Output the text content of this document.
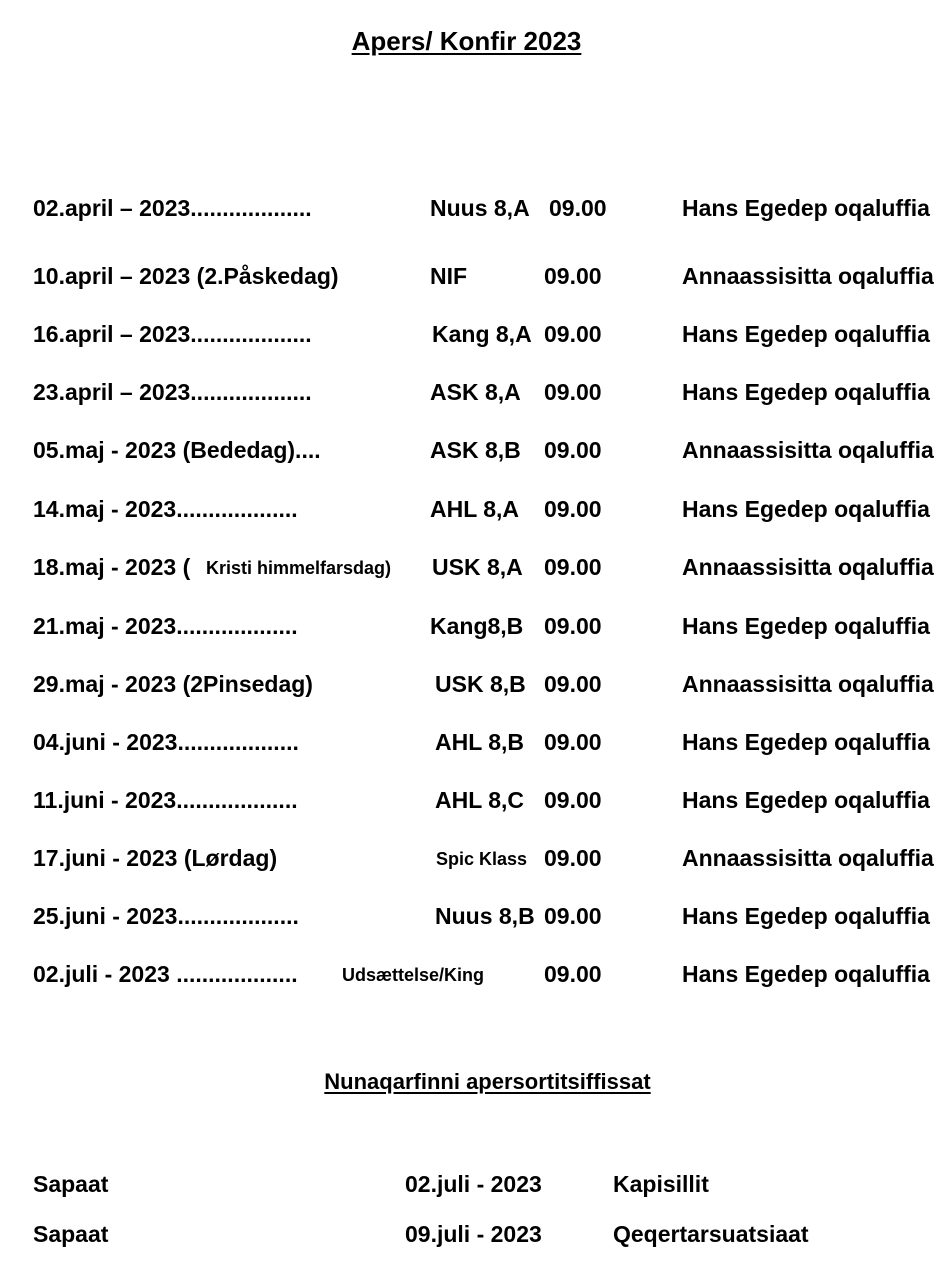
Apers/ Konfir 2023
02.april – 2023...................	Nuus 8,A 09.00	Hans Egedep oqaluffia
10.april – 2023 (2.Påskedag)	NIF	09.00	Annaassisitta oqaluffia
16.april – 2023...................	Kang 8,A 09.00	Hans Egedep oqaluffia
23.april – 2023...................	ASK 8,A 09.00	Hans Egedep oqaluffia
05.maj - 2023 (Bededag)....	ASK 8,B 09.00	Annaassisitta oqaluffia
14.maj - 2023...................	AHL 8,A 09.00	Hans Egedep oqaluffia
18.maj - 2023 ( Kristi himmelfarsdag) USK 8,A 09.00	Annaassisitta oqaluffia
21.maj - 2023...................	Kang8,B 09.00	Hans Egedep oqaluffia
29.maj - 2023 (2Pinsedag)	USK 8,B 09.00	Annaassisitta oqaluffia
04.juni - 2023...................	AHL 8,B 09.00	Hans Egedep oqaluffia
11.juni - 2023...................	AHL 8,C 09.00	Hans Egedep oqaluffia
17.juni - 2023 (Lørdag)	Spic Klass 09.00	Annaassisitta oqaluffia
25.juni - 2023...................	Nuus 8,B 09.00	Hans Egedep oqaluffia
02.juli - 2023 ................... Udsættelse/King	09.00	Hans Egedep oqaluffia
Nunaqarfinni apersortitsiffissat
Sapaat	02.juli - 2023	Kapisillit
Sapaat	09.juli - 2023	Qeqertarsuatsiaat
